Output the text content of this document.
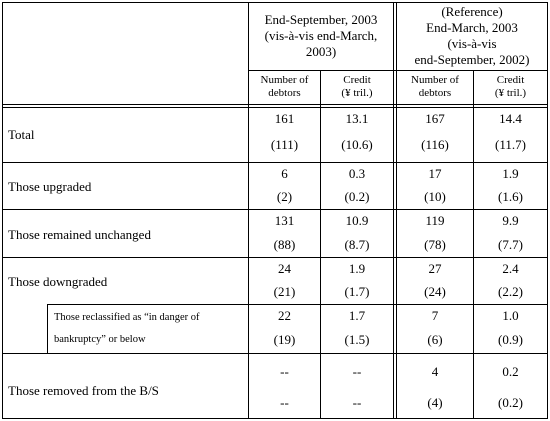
End-September, 2003
(vis-à-vis end-March,
2003)
Number of
debtors
Credit
(¥ tril.)
(Reference)
End-March, 2003
(vis-à-vis
end-September, 2002)
Number of
debtors
Credit
(¥ tril.)
Total
161
(111)
13.1
(10.6)
167
(116)
14.4
(11.7)
Those upgraded
6
(2)
0.3
(0.2)
17
(10)
1.9
(1.6)
Those remained unchanged
131
(88)
10.9
(8.7)
119
(78)
9.9
(7.7)
Those downgraded
24
(21)
1.9
(1.7)
27
(24)
2.4
(2.2)
Those reclassified as “in danger of
bankruptcy” or below
22
(19)
1.7
(1.5)
7
(6)
1.0
(0.9)
Those removed from the B/S
--
--
--
--
4
(4)
0.2
(0.2)
